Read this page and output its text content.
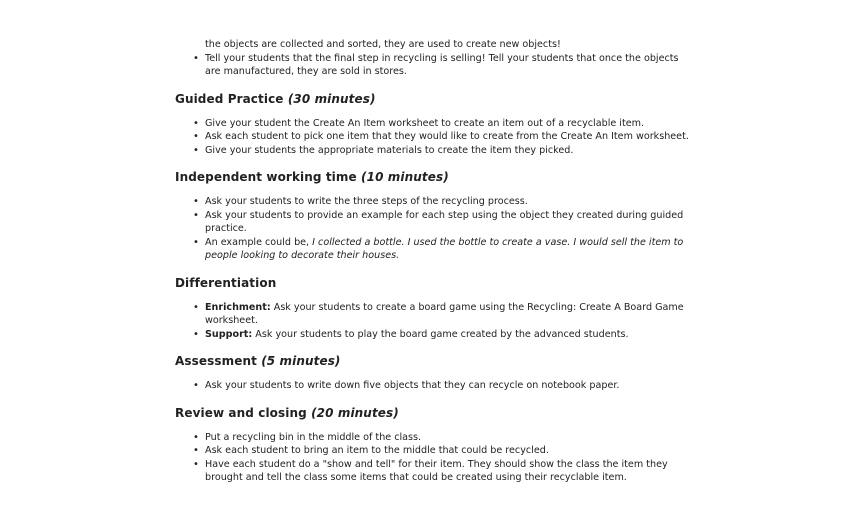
the objects are collected and sorted, they are used to create new objects!
• Tell your students that the final step in recycling is selling! Tell your students that once the objects are manufactured, they are sold in stores.
Guided Practice (30 minutes)
• Give your student the Create An Item worksheet to create an item out of a recyclable item.
• Ask each student to pick one item that they would like to create from the Create An Item worksheet.
• Give your students the appropriate materials to create the item they picked.
Independent working time (10 minutes)
• Ask your students to write the three steps of the recycling process.
• Ask your students to provide an example for each step using the object they created during guided practice.
• An example could be, I collected a bottle. I used the bottle to create a vase. I would sell the item to people looking to decorate their houses.
Differentiation
• Enrichment: Ask your students to create a board game using the Recycling: Create A Board Game worksheet.
• Support: Ask your students to play the board game created by the advanced students.
Assessment (5 minutes)
• Ask your students to write down five objects that they can recycle on notebook paper.
Review and closing (20 minutes)
• Put a recycling bin in the middle of the class.
• Ask each student to bring an item to the middle that could be recycled.
• Have each student do a "show and tell" for their item. They should show the class the item they brought and tell the class some items that could be created using their recyclable item.
